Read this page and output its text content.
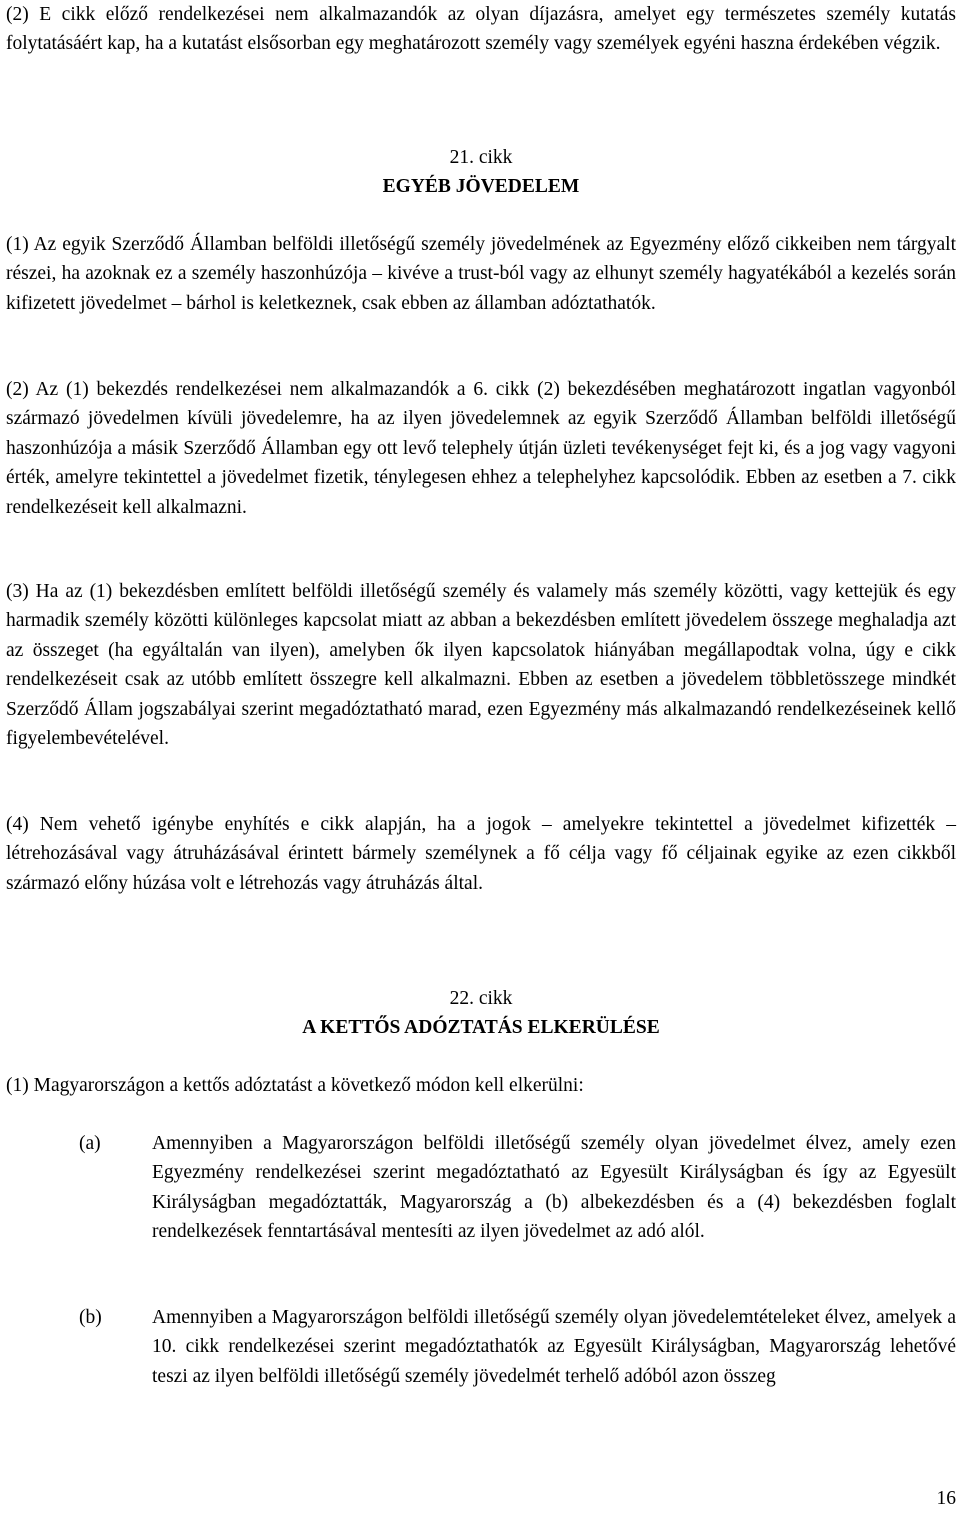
(2) E cikk előző rendelkezései nem alkalmazandók az olyan díjazásra, amelyet egy természetes személy kutatás folytatásáért kap, ha a kutatást elsősorban egy meghatározott személy vagy személyek egyéni haszna érdekében végzik.

21. cikk

EGYÉB JÖVEDELEM

(1) Az egyik Szerződő Államban belföldi illetőségű személy jövedelmének az Egyezmény előző cikkeiben nem tárgyalt részei, ha azoknak ez a személy haszonhúzója – kivéve a trust-ból vagy az elhunyt személy hagyatékából a kezelés során kifizetett jövedelmet – bárhol is keletkeznek, csak ebben az államban adóztathatók.

(2) Az (1) bekezdés rendelkezései nem alkalmazandók a 6. cikk (2) bekezdésében meghatározott ingatlan vagyonból származó jövedelmen kívüli jövedelemre, ha az ilyen jövedelemnek az egyik Szerződő Államban belföldi illetőségű haszonhúzója a másik Szerződő Államban egy ott levő telephely útján üzleti tevékenységet fejt ki, és a jog vagy vagyoni érték, amelyre tekintettel a jövedelmet fizetik, ténylegesen ehhez a telephelyhez kapcsolódik. Ebben az esetben a 7. cikk rendelkezéseit kell alkalmazni.

(3) Ha az (1) bekezdésben említett belföldi illetőségű személy és valamely más személy közötti, vagy kettejük és egy harmadik személy közötti különleges kapcsolat miatt az abban a bekezdésben említett jövedelem összege meghaladja azt az összeget (ha egyáltalán van ilyen), amelyben ők ilyen kapcsolatok hiányában megállapodtak volna, úgy e cikk rendelkezéseit csak az utóbb említett összegre kell alkalmazni. Ebben az esetben a jövedelem többletösszege mindkét Szerződő Állam jogszabályai szerint megadóztatható marad, ezen Egyezmény más alkalmazandó rendelkezéseinek kellő figyelembevételével.

(4) Nem vehető igénybe enyhítés e cikk alapján, ha a jogok – amelyekre tekintettel a jövedelmet kifizették – létrehozásával vagy átruházásával érintett bármely személynek a fő célja vagy fő céljainak egyike az ezen cikkből származó előny húzása volt e létrehozás vagy átruházás által.

22. cikk

A KETTŐS ADÓZTATÁS ELKERÜLÉSE

(1) Magyarországon a kettős adóztatást a következő módon kell elkerülni:

(a)	Amennyiben a Magyarországon belföldi illetőségű személy olyan jövedelmet élvez, amely ezen Egyezmény rendelkezései szerint megadóztatható az Egyesült Királyságban és így az Egyesült Királyságban megadóztatták, Magyarország a (b) albekezdésben és a (4) bekezdésben foglalt rendelkezések fenntartásával mentesíti az ilyen jövedelmet az adó alól.
(b)	Amennyiben a Magyarországon belföldi illetőségű személy olyan jövedelemtételeket élvez, amelyek a 10. cikk rendelkezései szerint megadóztathatók az Egyesült Királyságban, Magyarország lehetővé teszi az ilyen belföldi illetőségű személy jövedelmét terhelő adóból azon összeg
16
